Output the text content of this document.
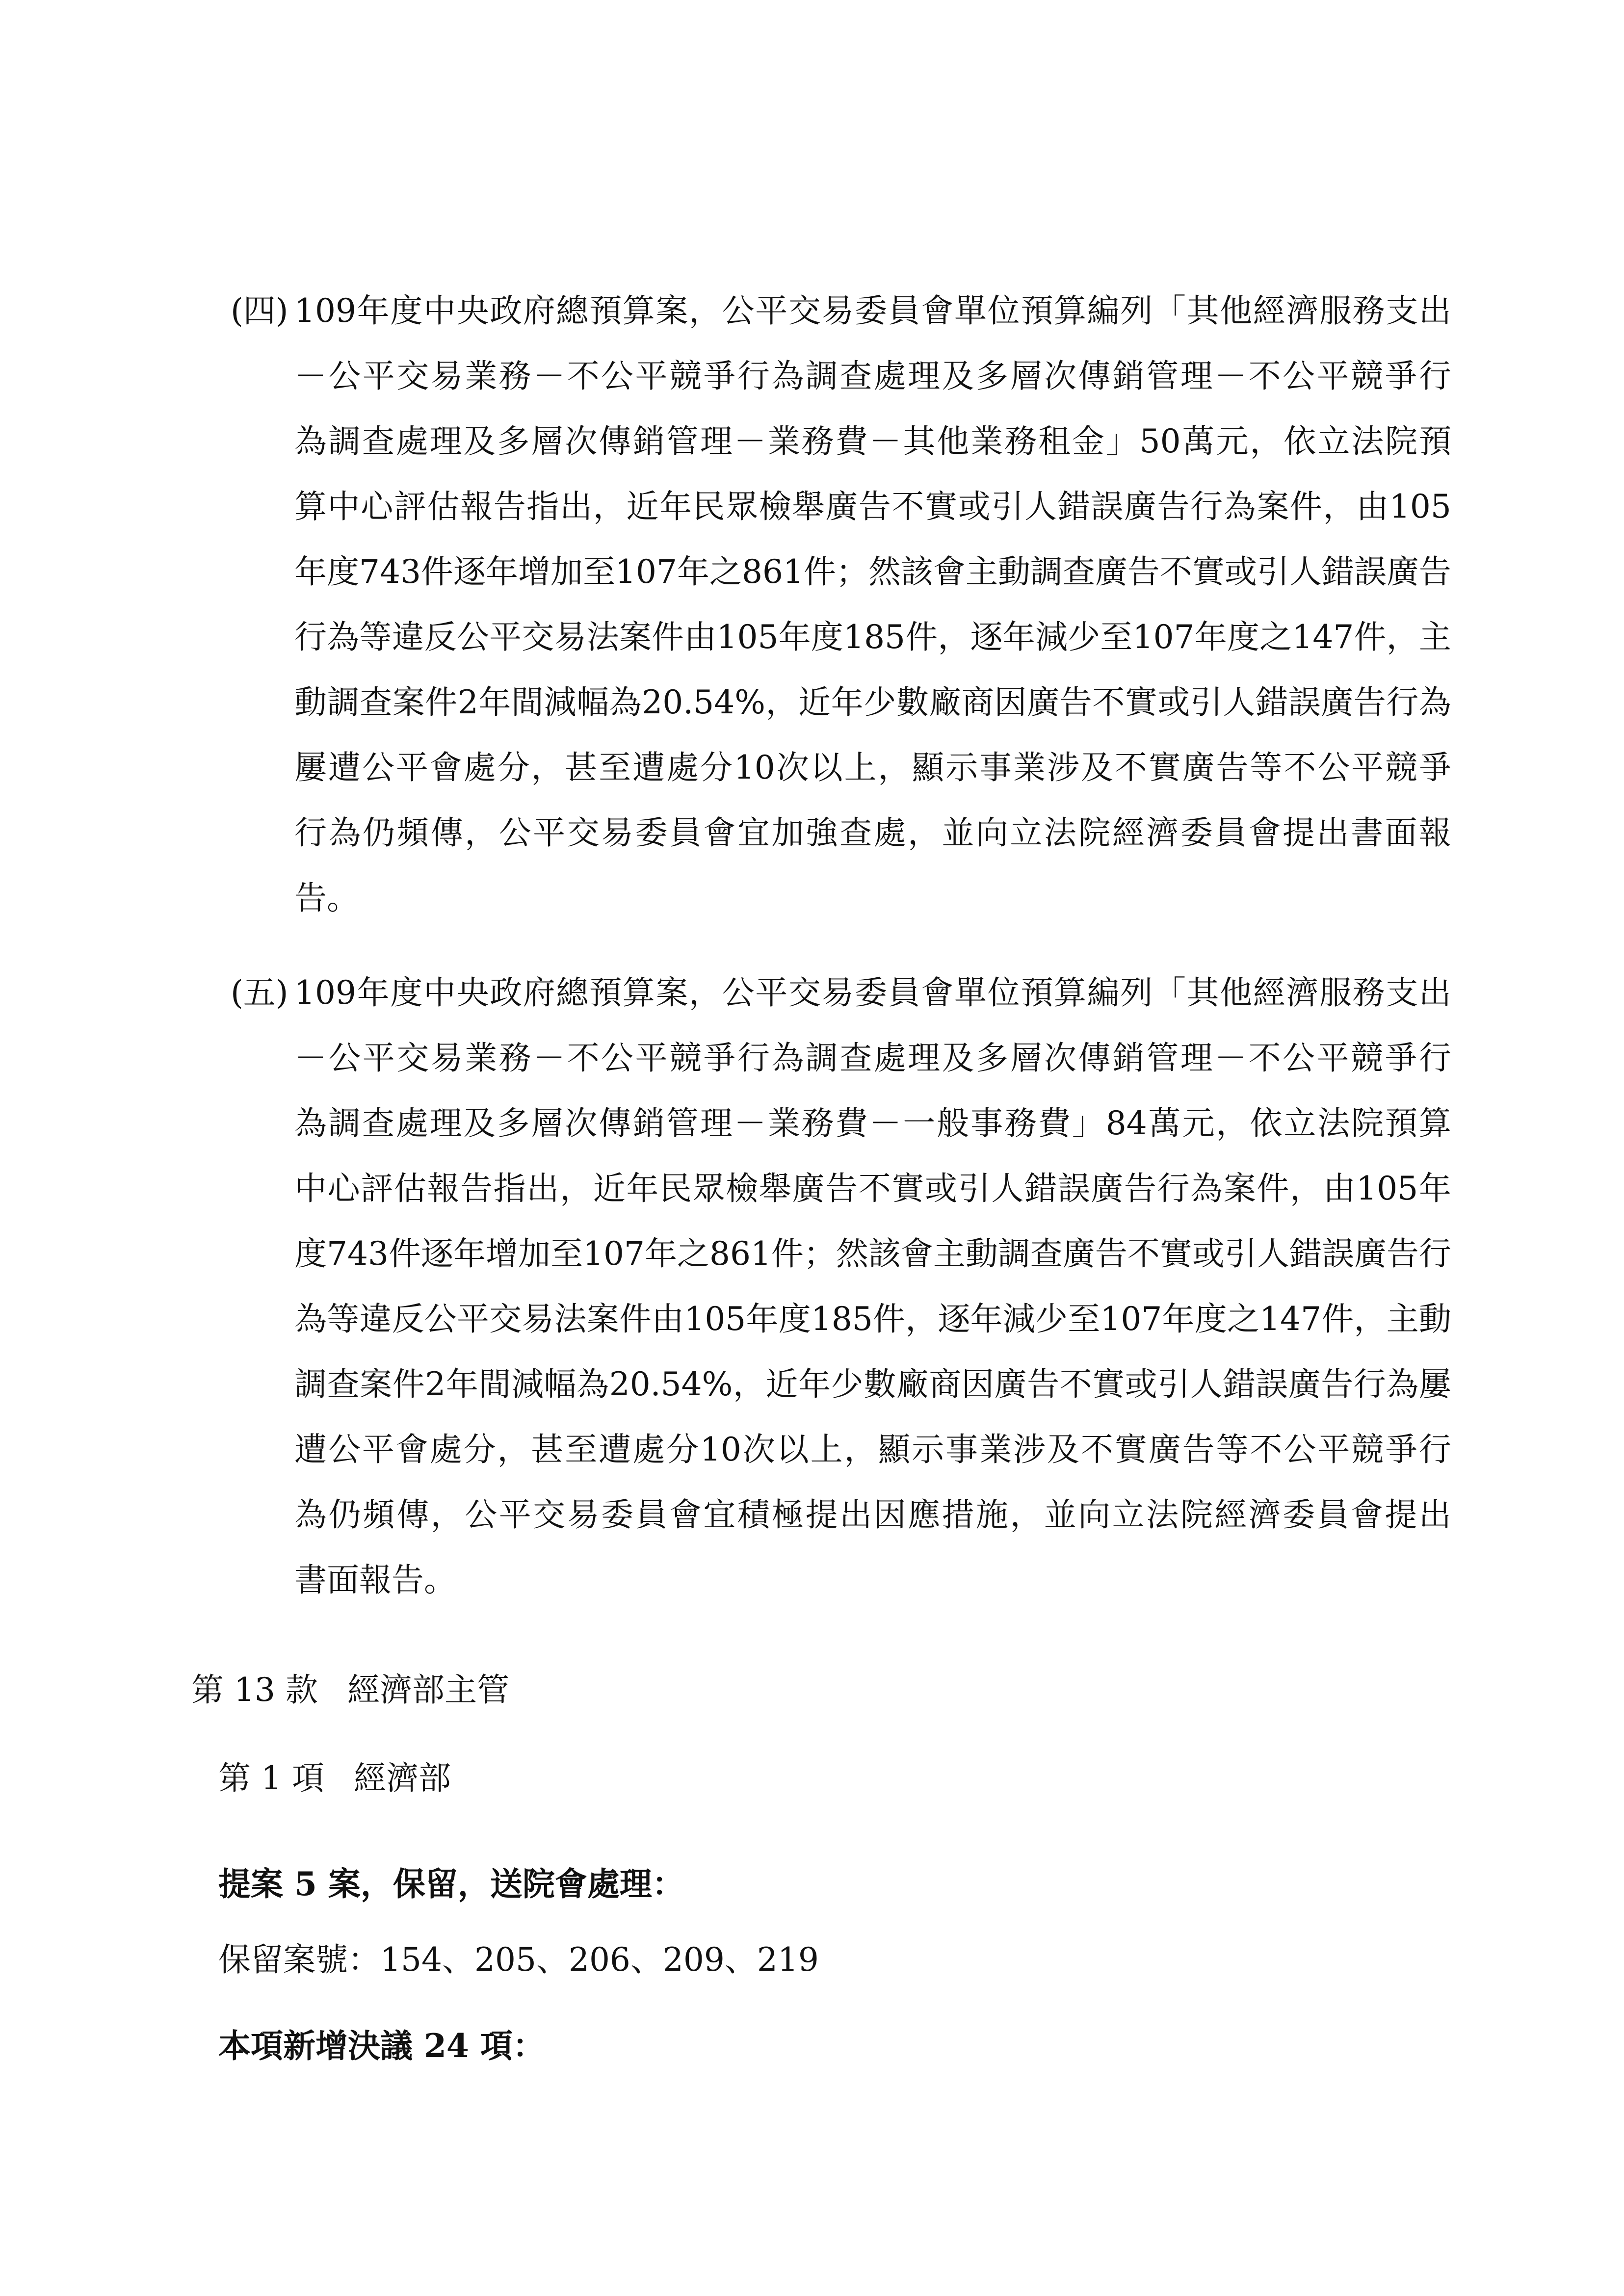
(四) 109年度中央政府總預算案，公平交易委員會單位預算編列「其他經濟服務支出
－公平交易業務－不公平競爭行為調查處理及多層次傳銷管理－不公平競爭行
為調查處理及多層次傳銷管理－業務費－其他業務租金」50萬元，依立法院預
算中心評估報告指出，近年民眾檢舉廣告不實或引人錯誤廣告行為案件，由105
年度743件逐年增加至107年之861件；然該會主動調查廣告不實或引人錯誤廣告
行為等違反公平交易法案件由105年度185件，逐年減少至107年度之147件，主
動調查案件2年間減幅為20.54%，近年少數廠商因廣告不實或引人錯誤廣告行為
屢遭公平會處分，甚至遭處分10次以上，顯示事業涉及不實廣告等不公平競爭
行為仍頻傳，公平交易委員會宜加強查處，並向立法院經濟委員會提出書面報
告。
(五) 109年度中央政府總預算案，公平交易委員會單位預算編列「其他經濟服務支出
－公平交易業務－不公平競爭行為調查處理及多層次傳銷管理－不公平競爭行
為調查處理及多層次傳銷管理－業務費－一般事務費」84萬元，依立法院預算
中心評估報告指出，近年民眾檢舉廣告不實或引人錯誤廣告行為案件，由105年
度743件逐年增加至107年之861件；然該會主動調查廣告不實或引人錯誤廣告行
為等違反公平交易法案件由105年度185件，逐年減少至107年度之147件，主動
調查案件2年間減幅為20.54%，近年少數廠商因廣告不實或引人錯誤廣告行為屢
遭公平會處分，甚至遭處分10次以上，顯示事業涉及不實廣告等不公平競爭行
為仍頻傳，公平交易委員會宜積極提出因應措施，並向立法院經濟委員會提出
書面報告。
第 13 款 經濟部主管
第 1 項 經濟部
提案 5 案，保留，送院會處理：
保留案號：154、205、206、209、219
本項新增決議 24 項：
